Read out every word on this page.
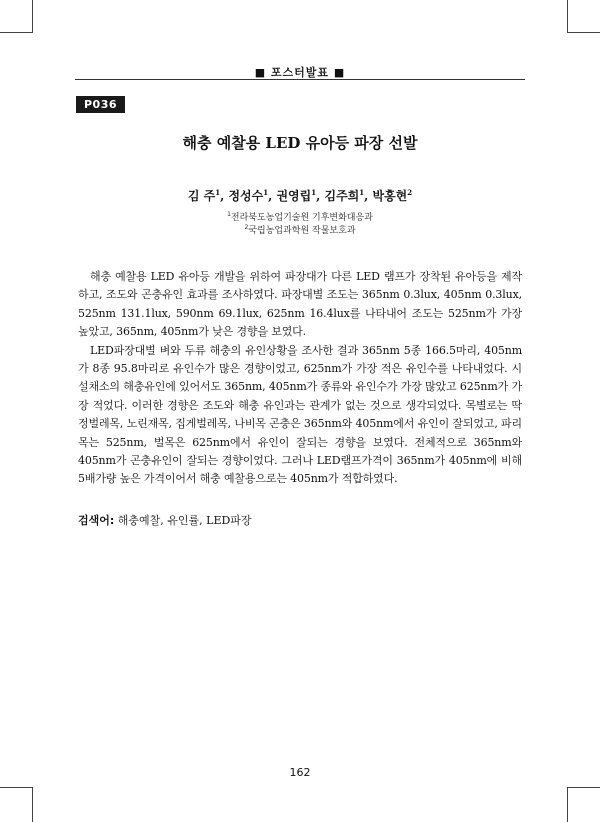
■ 포스터발표 ■
P036
해충 예찰용 LED 유아등 파장 선발
김 주$^1$, 정성수$^1$, 권영립$^1$, 김주희$^1$, 박홍현$^2$
$^1$전라북도농업기술원 기후변화대응과
$^2$국립농업과학원 작물보호과

해충 예찰용 LED 유아등 개발을 위하여 파장대가 다른 LED 램프가 장착된 유아등을 제작하고, 조도와 곤충유인 효과를 조사하였다. 파장대별 조도는 365nm 0.3lux, 405nm 0.3lux, 525nm 131.1lux, 590nm 69.1lux, 625nm 16.4lux를 나타내어 조도는 525nm가 가장 높았고, 365nm, 405nm가 낮은 경향을 보였다.

LED파장대별 벼와 두류 해충의 유인상황을 조사한 결과 365nm 5종 166.5마리, 405nm가 8종 95.8마리로 유인수가 많은 경향이었고, 625nm가 가장 적은 유인수를 나타내었다. 시설채소의 해충유인에 있어서도 365nm, 405nm가 종류와 유인수가 가장 많았고 625nm가 가장 적었다. 이러한 경향은 조도와 해충 유인과는 관계가 없는 것으로 생각되었다. 목별로는 딱정벌레목, 노린재목, 집게벌레목, 나비목 곤충은 365nm와 405nm에서 유인이 잘되었고, 파리목는 525nm, 벌목은 625nm에서 유인이 잘되는 경향을 보였다. 전체적으로 365nm와 405nm가 곤충유인이 잘되는 경향이었다. 그러나 LED램프가격이 365nm가 405nm에 비해 5배가량 높은 가격이어서 해충 예찰용으로는 405nm가 적합하였다.

검색어: 해충예찰, 유인률, LED파장
162
